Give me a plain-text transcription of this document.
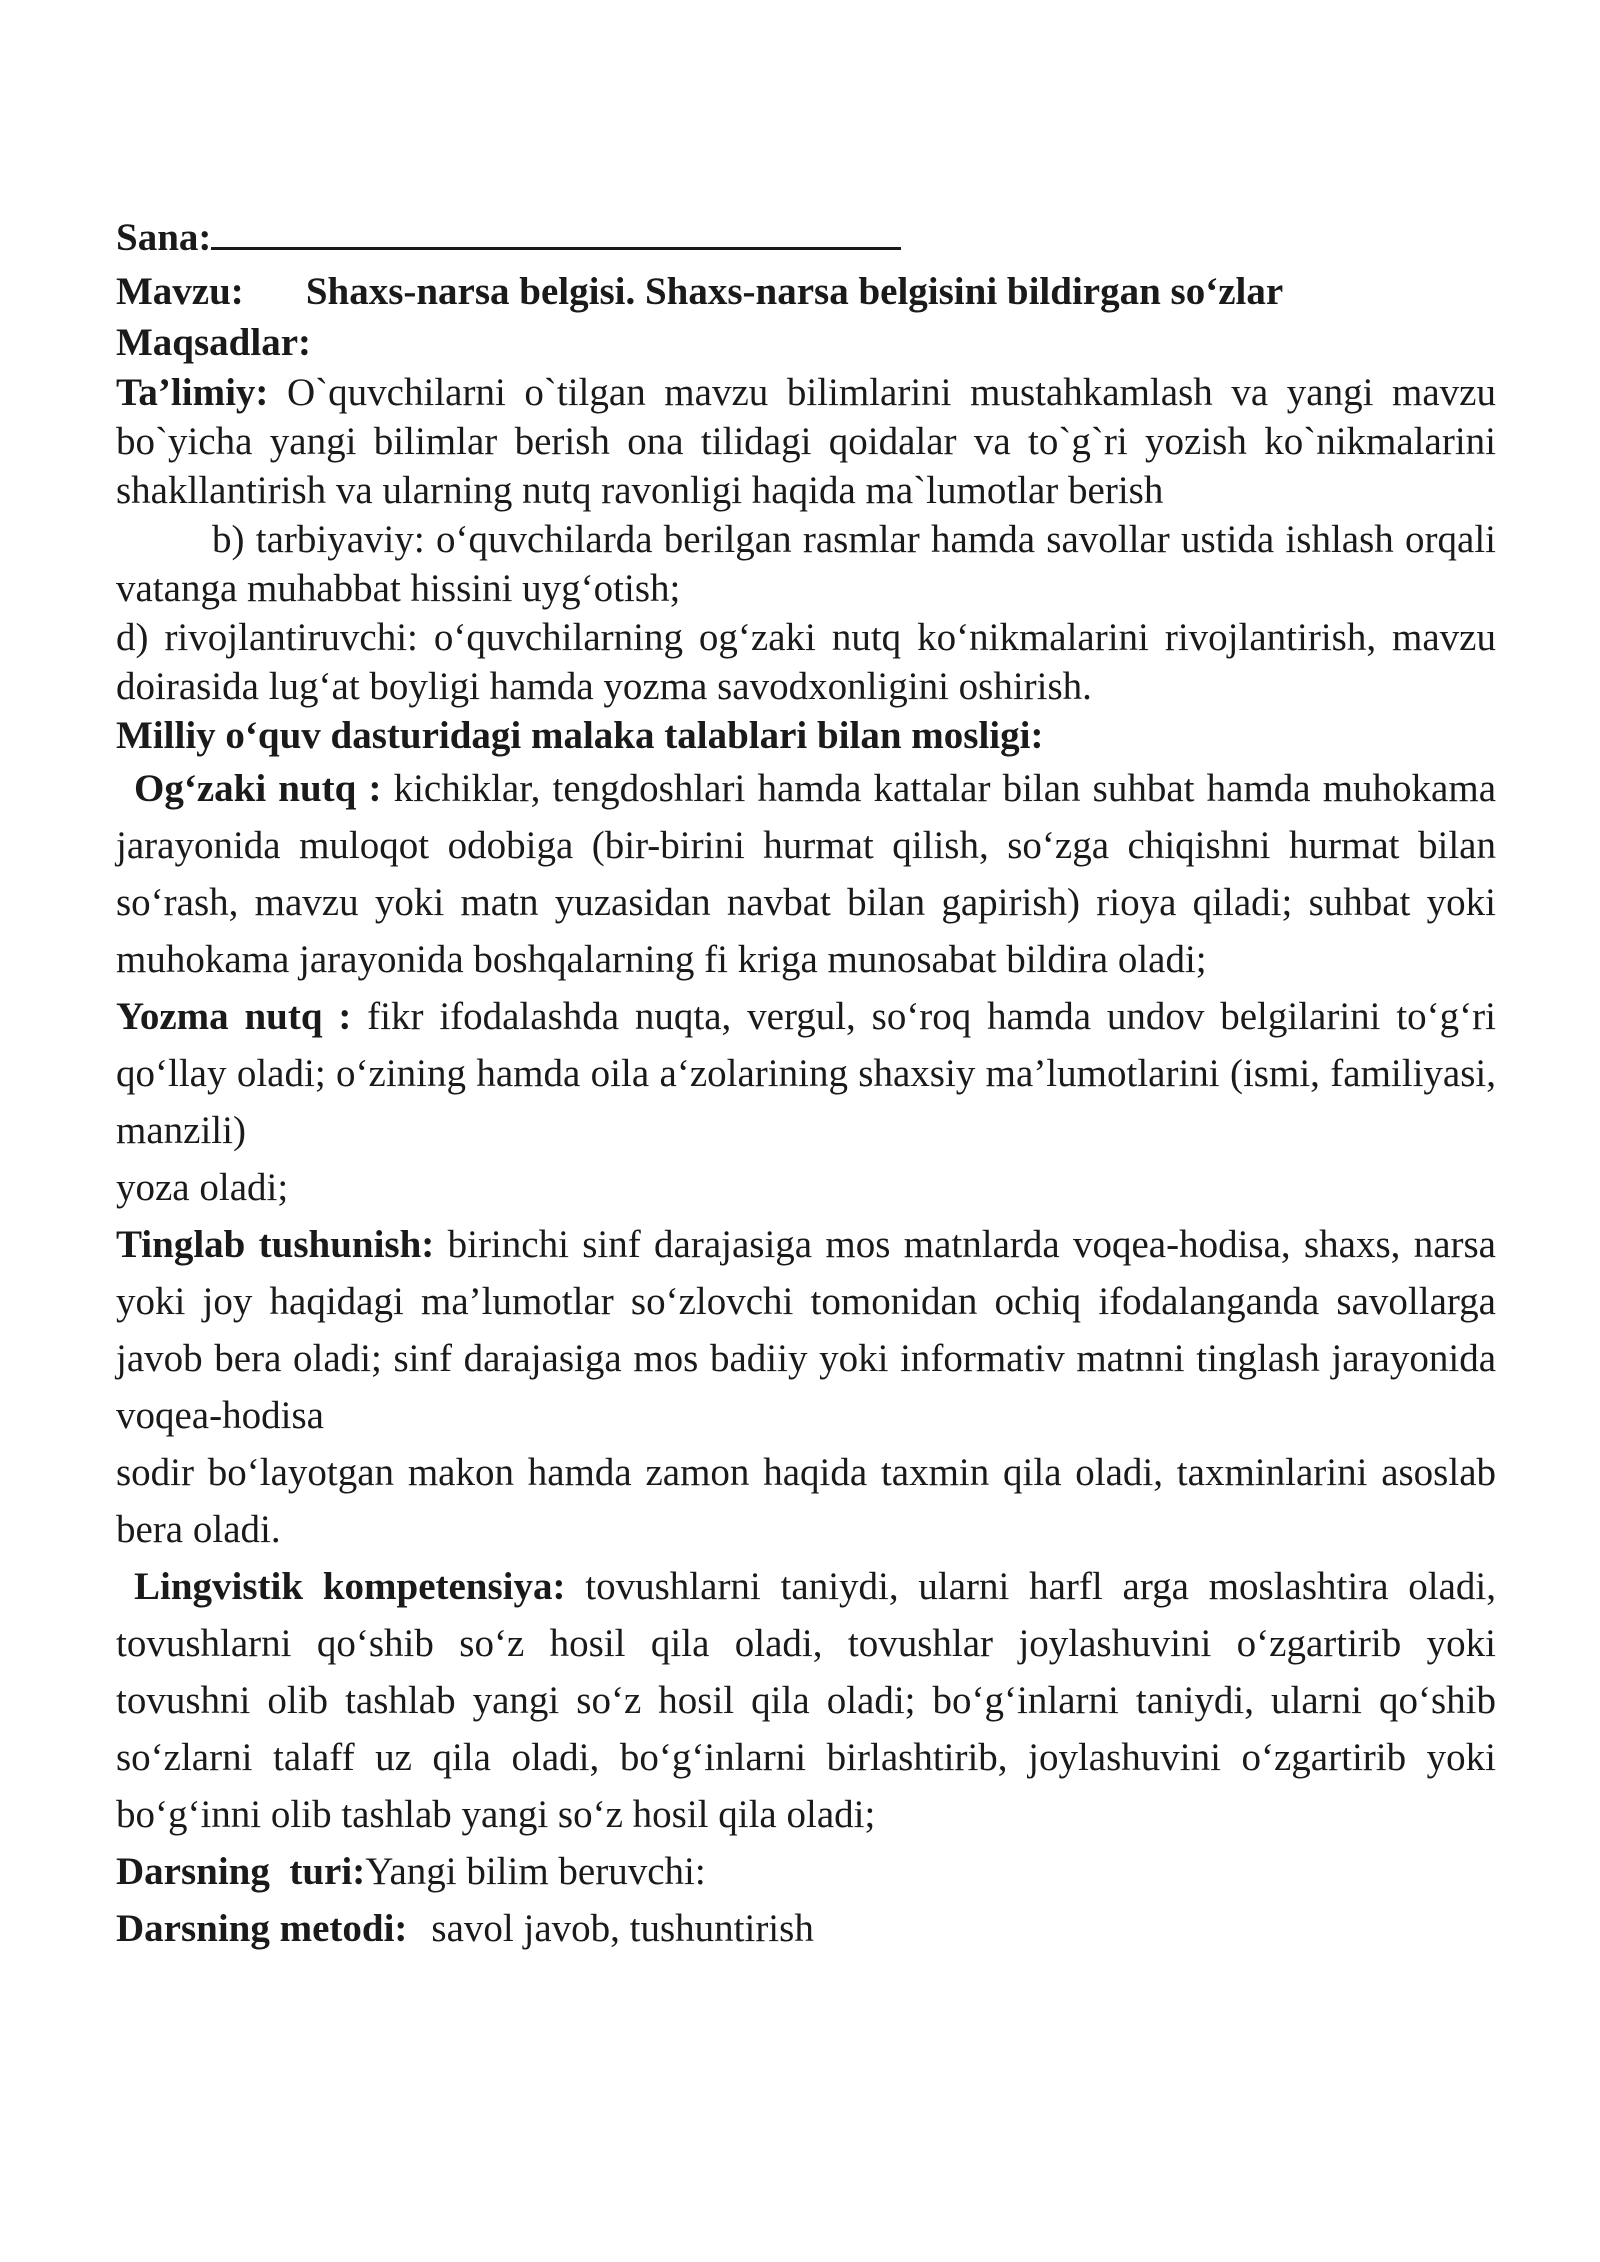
Sana:
Mavzu: Shaxs-narsa belgisi. Shaxs-narsa belgisini bildirgan so‘zlar
Maqsadlar:
Ta’limiy: O`quvchilarni o`tilgan mavzu bilimlarini mustahkamlash va yangi mavzu bo`yicha yangi bilimlar berish ona tilidagi qoidalar va to`g`ri yozish ko`nikmalarini shakllantirish va ularning nutq ravonligi haqida ma`lumotlar berish
b) tarbiyaviy: o‘quvchilarda berilgan rasmlar hamda savollar ustida ishlash orqali vatanga muhabbat hissini uyg‘otish;
d) rivojlantiruvchi: o‘quvchilarning og‘zaki nutq ko‘nikmalarini rivojlantirish, mavzu doirasida lug‘at boyligi hamda yozma savodxonligini oshirish.
Milliy o‘quv dasturidagi malaka talablari bilan mosligi:
Og‘zaki nutq : kichiklar, tengdoshlari hamda kattalar bilan suhbat hamda muhokama jarayonida muloqot odobiga (bir-birini hurmat qilish, so‘zga chiqishni hurmat bilan so‘rash, mavzu yoki matn yuzasidan navbat bilan gapirish) rioya qiladi; suhbat yoki muhokama jarayonida boshqalarning fi kriga munosabat bildira oladi;
Yozma nutq : fikr ifodalashda nuqta, vergul, so‘roq hamda undov belgilarini to‘g‘ri qo‘llay oladi; o‘zining hamda oila a‘zolarining shaxsiy ma’lumotlarini (ismi, familiyasi, manzili)
yoza oladi;
Tinglab tushunish: birinchi sinf darajasiga mos matnlarda voqea-hodisa, shaxs, narsa yoki joy haqidagi ma’lumotlar so‘zlovchi tomonidan ochiq ifodalanganda savollarga javob bera oladi; sinf darajasiga mos badiiy yoki informativ matnni tinglash jarayonida voqea-hodisa
sodir bo‘layotgan makon hamda zamon haqida taxmin qila oladi, taxminlarini asoslab bera oladi.
Lingvistik kompetensiya: tovushlarni taniydi, ularni harfl arga moslashtira oladi, tovushlarni qo‘shib so‘z hosil qila oladi, tovushlar joylashuvini o‘zgartirib yoki tovushni olib tashlab yangi so‘z hosil qila oladi; bo‘g‘inlarni taniydi, ularni qo‘shib so‘zlarni talaff uz qila oladi, bo‘g‘inlarni birlashtirib, joylashuvini o‘zgartirib yoki bo‘g‘inni olib tashlab yangi so‘z hosil qila oladi;
Darsning  turi:Yangi bilim beruvchi:
Darsning metodi: savol javob, tushuntirish
